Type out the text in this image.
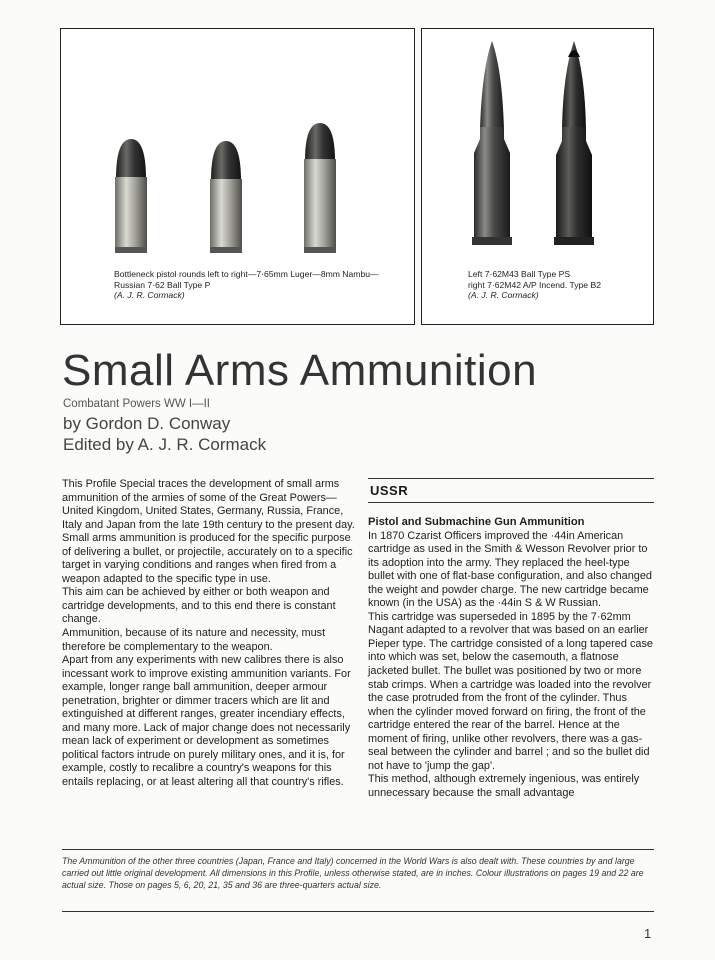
Bottleneck pistol rounds left to right—7·65mm Luger—8mm Nambu—Russian 7·62 Ball Type P
(A. J. R. Cormack)
Left 7·62M43 Ball Type PS
right 7·62M42 A/P Incend. Type B2
(A. J. R. Cormack)
Small Arms Ammunition
Combatant Powers WW I—II
by Gordon D. Conway
Edited by A. J. R. Cormack

This Profile Special traces the development of small arms ammunition of the armies of some of the Great Powers—United Kingdom, United States, Germany, Russia, France, Italy and Japan from the late 19th century to the present day.

Small arms ammunition is produced for the specific purpose of delivering a bullet, or projectile, accurately on to a specific target in varying conditions and ranges when fired from a weapon adapted to the specific type in use.

This aim can be achieved by either or both weapon and cartridge developments, and to this end there is constant change.

Ammunition, because of its nature and necessity, must therefore be complementary to the weapon.

Apart from any experiments with new calibres there is also incessant work to improve existing ammunition variants. For example, longer range ball ammunition, deeper armour penetration, brighter or dimmer tracers which are lit and extinguished at different ranges, greater incendiary effects, and many more. Lack of major change does not necessarily mean lack of experiment or development as sometimes political factors intrude on purely military ones, and it is, for example, costly to recalibre a country's weapons for this entails replacing, or at least altering all that country's rifles.

USSR

Pistol and Submachine Gun Ammunition

In 1870 Czarist Officers improved the ·44in American cartridge as used in the Smith & Wesson Revolver prior to its adoption into the army. They replaced the heel-type bullet with one of flat-base configuration, and also changed the weight and powder charge. The new cartridge became known (in the USA) as the ·44in S & W Russian.

This cartridge was superseded in 1895 by the 7·62mm Nagant adapted to a revolver that was based on an earlier Pieper type. The cartridge consisted of a long tapered case into which was set, below the casemouth, a flatnose jacketed bullet. The bullet was positioned by two or more stab crimps. When a cartridge was loaded into the revolver the case protruded from the front of the cylinder. Thus when the cylinder moved forward on firing, the front of the cartridge entered the rear of the barrel. Hence at the moment of firing, unlike other revolvers, there was a gas-seal between the cylinder and barrel ; and so the bullet did not have to 'jump the gap'.

This method, although extremely ingenious, was entirely unnecessary because the small advantage

The Ammunition of the other three countries (Japan, France and Italy) concerned in the World Wars is also dealt with. These countries by and large carried out little original development. All dimensions in this Profile, unless otherwise stated, are in inches. Colour illustrations on pages 19 and 22 are actual size. Those on pages 5, 6, 20, 21, 35 and 36 are three-quarters actual size.
1
